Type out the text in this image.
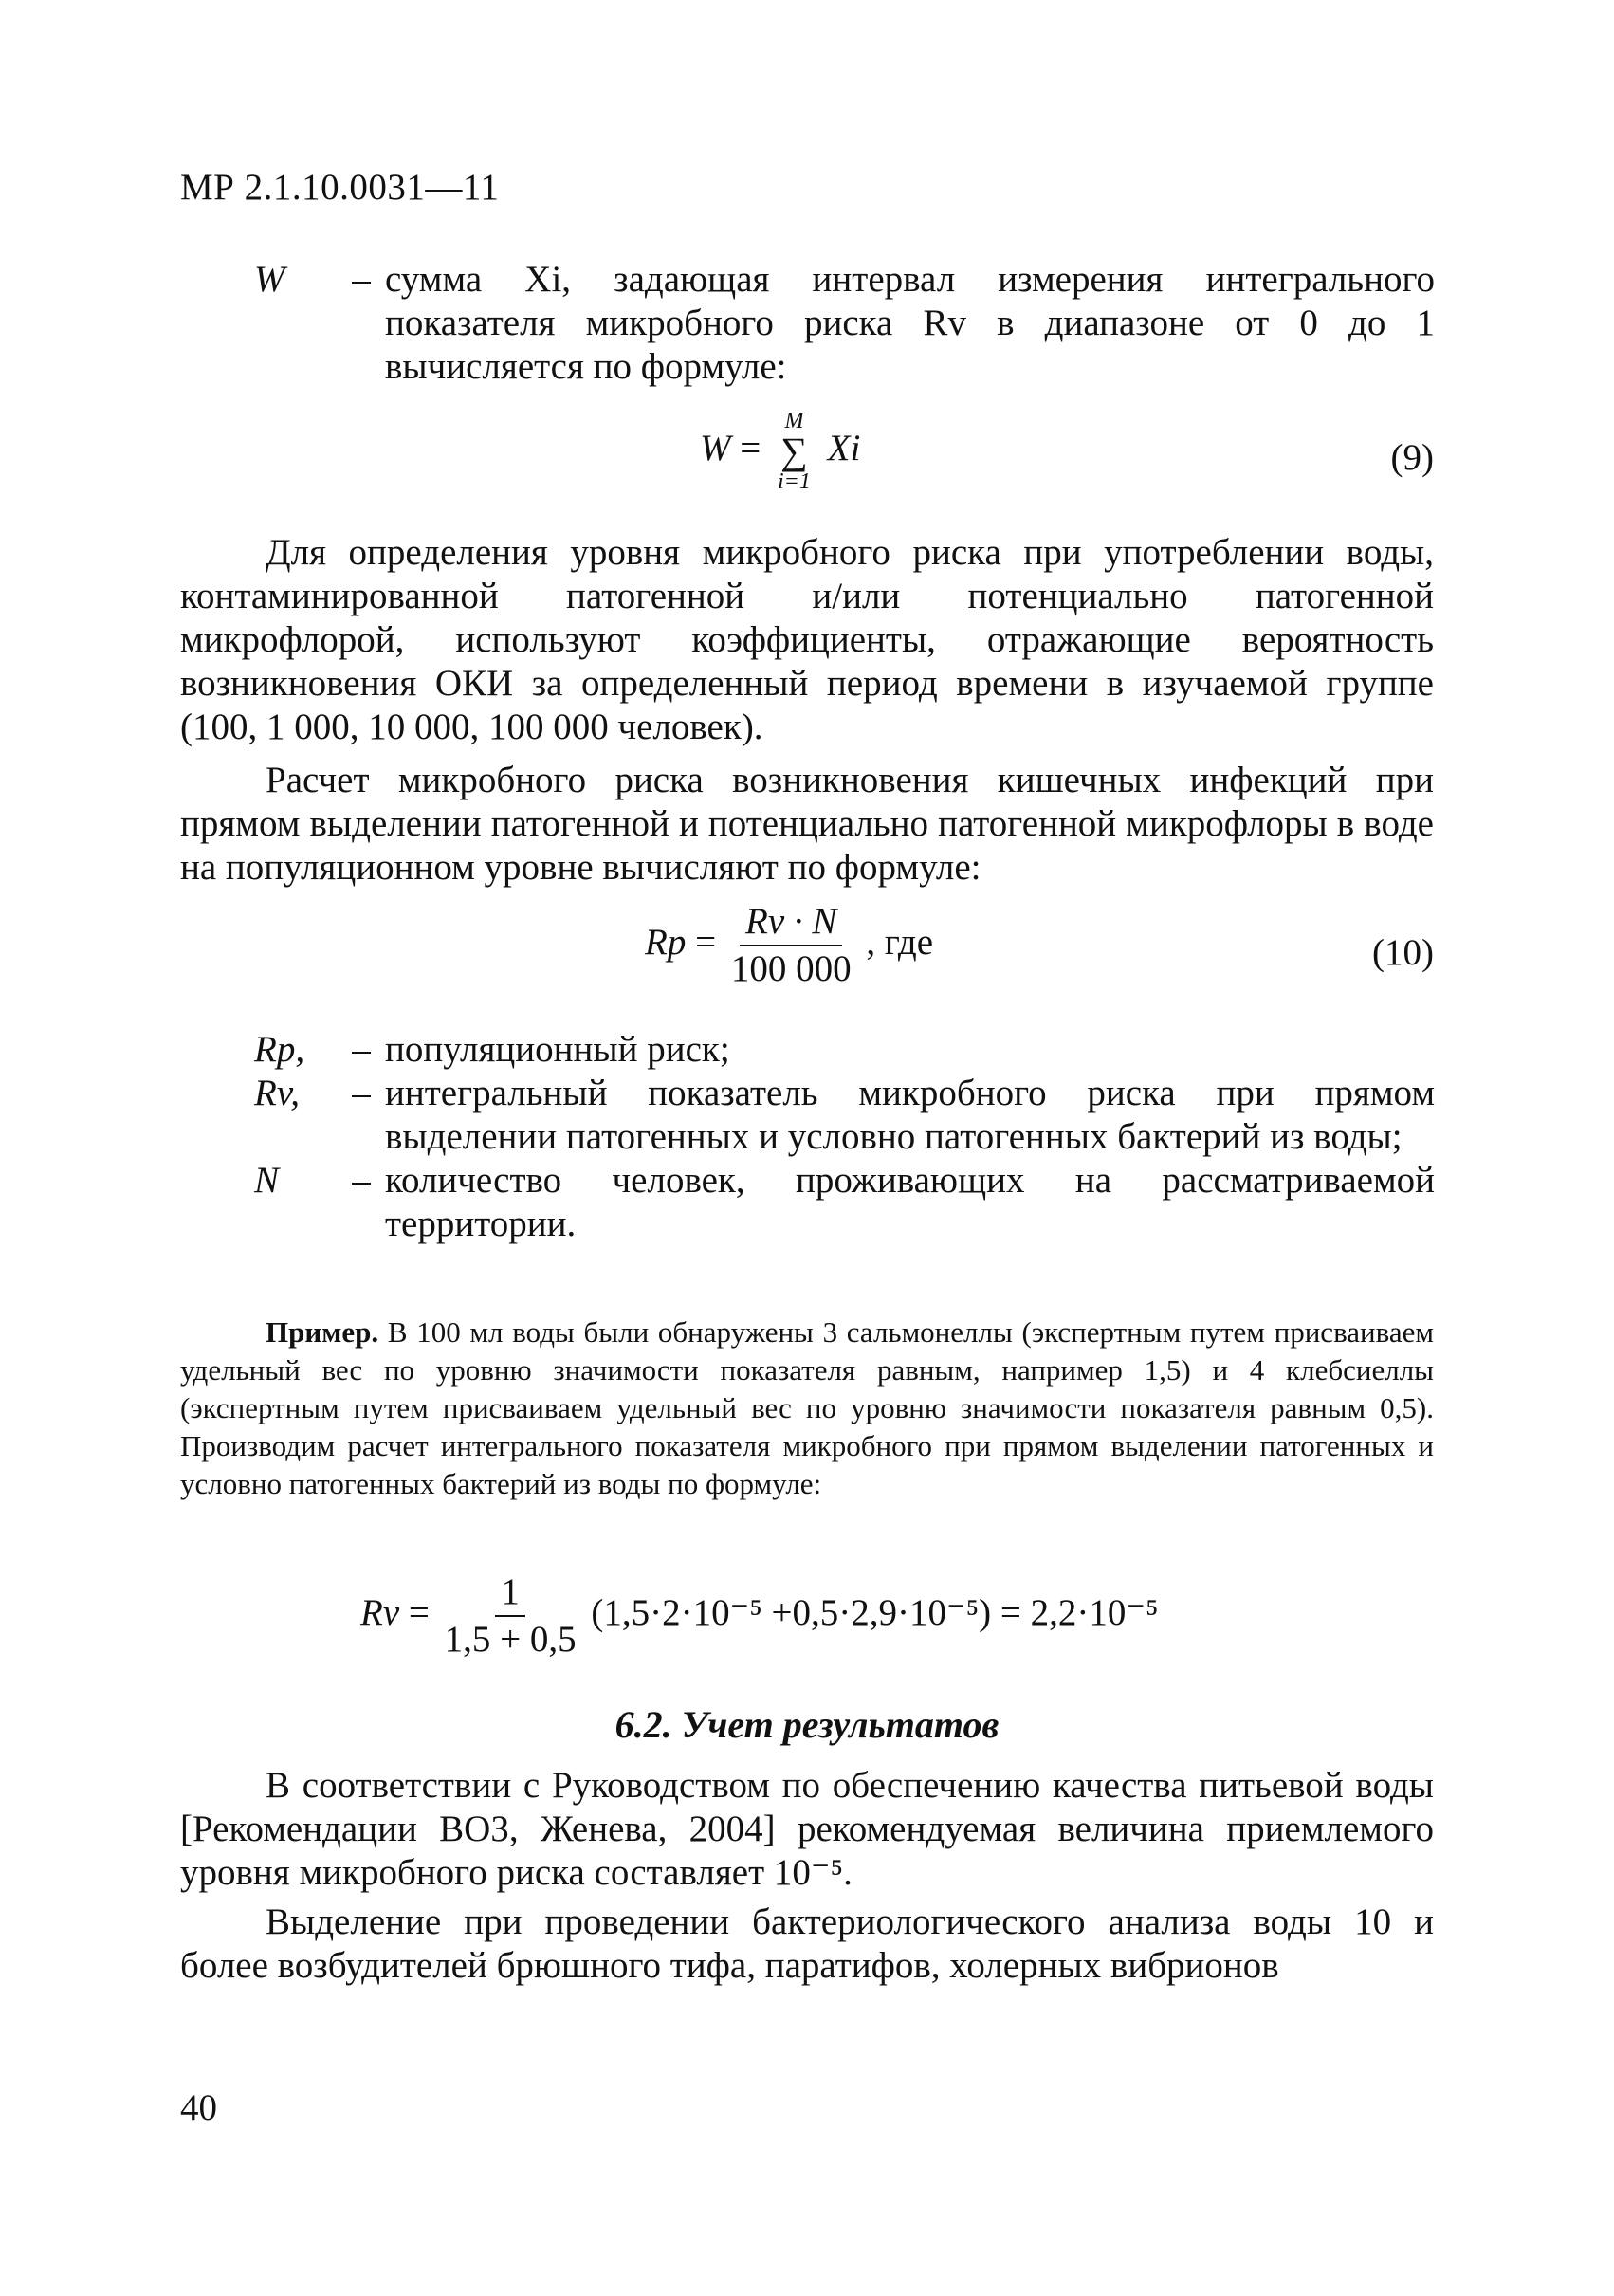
МР 2.1.10.0031—11
W	– сумма Xi, задающая интервал измерения интегрального показателя микробного риска Rv в диапазоне от 0 до 1 вычисляется по формуле:
W =
M
∑
i=1
Xi	(9)
Для определения уровня микробного риска при употреблении воды, контаминированной патогенной и/или потенциально патогенной микрофлорой, используют коэффициенты, отражающие вероятность возникновения ОКИ за определенный период времени в изучаемой группе (100, 1 000, 10 000, 100 000 человек).
Расчет микробного риска возникновения кишечных инфекций при прямом выделении патогенной и потенциально патогенной микрофлоры в воде на популяционном уровне вычисляют по формуле:
$Rp = \frac{Rv \cdot N}{100 000}$ , где	(10)
Rp,	– популяционный риск;
Rv,	– интегральный показатель микробного риска при прямом выделении патогенных и условно патогенных бактерий из воды;
N	– количество человек, проживающих на рассматриваемой территории.
Пример. В 100 мл воды были обнаружены 3 сальмонеллы (экспертным путем присваиваем удельный вес по уровню значимости показателя равным, например 1,5) и 4 клебсиеллы (экспертным путем присваиваем удельный вес по уровню значимости показателя равным 0,5). Производим расчет интегрального показателя микробного при прямом выделении патогенных и условно патогенных бактерий из воды по формуле:
$Rv = \frac{1}{1,5 + 0,5} (1,5\cdot 2\cdot 10^{-5} +0,5\cdot 2,9\cdot 10^{-5}) = 2,2\cdot 10^{-5}$
6.2. Учет результатов
В соответствии с Руководством по обеспечению качества питьевой воды [Рекомендации ВОЗ, Женева, 2004] рекомендуемая величина приемлемого уровня микробного риска составляет 10⁻⁵.
Выделение при проведении бактериологического анализа воды 10 и более возбудителей брюшного тифа, паратифов, холерных вибрионов
40
